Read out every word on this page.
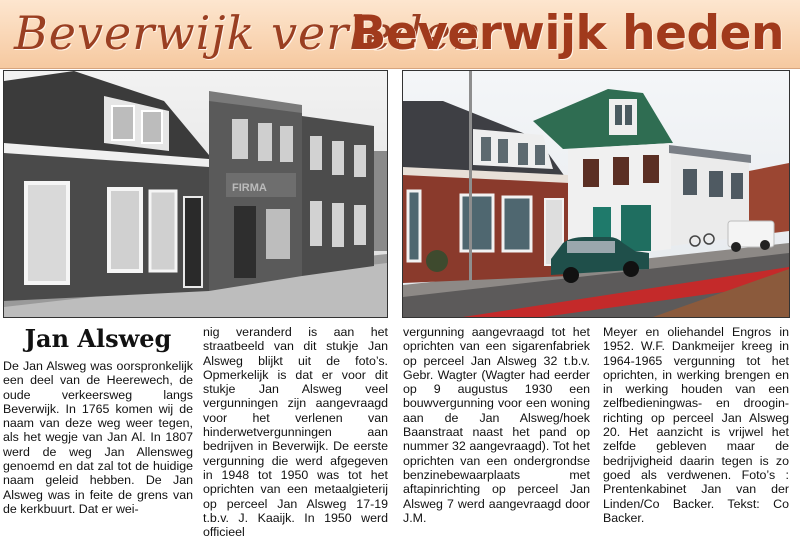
Beverwijk verleden
Beverwijk heden
FIRMA
Jan Alsweg

De Jan Alsweg was oorspronkelijk een deel van de Heerewech, de oude verkeersweg langs Beverwijk. In 1765 komen wij de naam van deze weg weer tegen, als het wegje van Jan Al. In 1807 werd de weg Jan Allensweg genoemd en dat zal tot de huidige naam geleid hebben. De Jan Alsweg was in feite de grens van de kerkbuurt. Dat er wei-

nig veranderd is aan het straatbeeld van dit stukje Jan Alsweg blijkt uit de foto’s. Opmerkelijk is dat er voor dit stukje Jan Alsweg veel vergunningen zijn aangevraagd voor het verlenen van hinderwetvergunningen aan bedrijven in Beverwijk. De eerste vergunning die werd afgegeven in 1948 tot 1950 was tot het oprichten van een metaalgieterij op perceel Jan Alsweg 17-19 t.b.v. J. Kaaijk. In 1950 werd officieel

vergunning aangevraagd tot het oprichten van een sigarenfabriek op perceel Jan Alsweg 32 t.b.v. Gebr. Wagter (Wagter had eerder op 9 augustus 1930 een bouwvergunning voor een woning aan de Jan Alsweg/hoek Baanstraat naast het pand op nummer 32 aangevraagd). Tot het oprichten van een ondergrondse benzinebewaarplaats met aftapinrichting op perceel Jan Alsweg 7 werd aangevraagd door J.M.

Meyer en oliehandel Engros in 1952. W.F. Dankmeijer kreeg in 1964-1965 vergunning tot het oprichten, in werking brengen en in werking houden van een zelfbedieningwas- en droogin-richting op perceel Jan Alsweg 20. Het aanzicht is vrijwel het zelfde gebleven maar de bedrijvigheid daarin tegen is zo goed als verdwenen. Foto’s : Prentenkabinet Jan van der Linden/Co Backer. Tekst: Co Backer.
